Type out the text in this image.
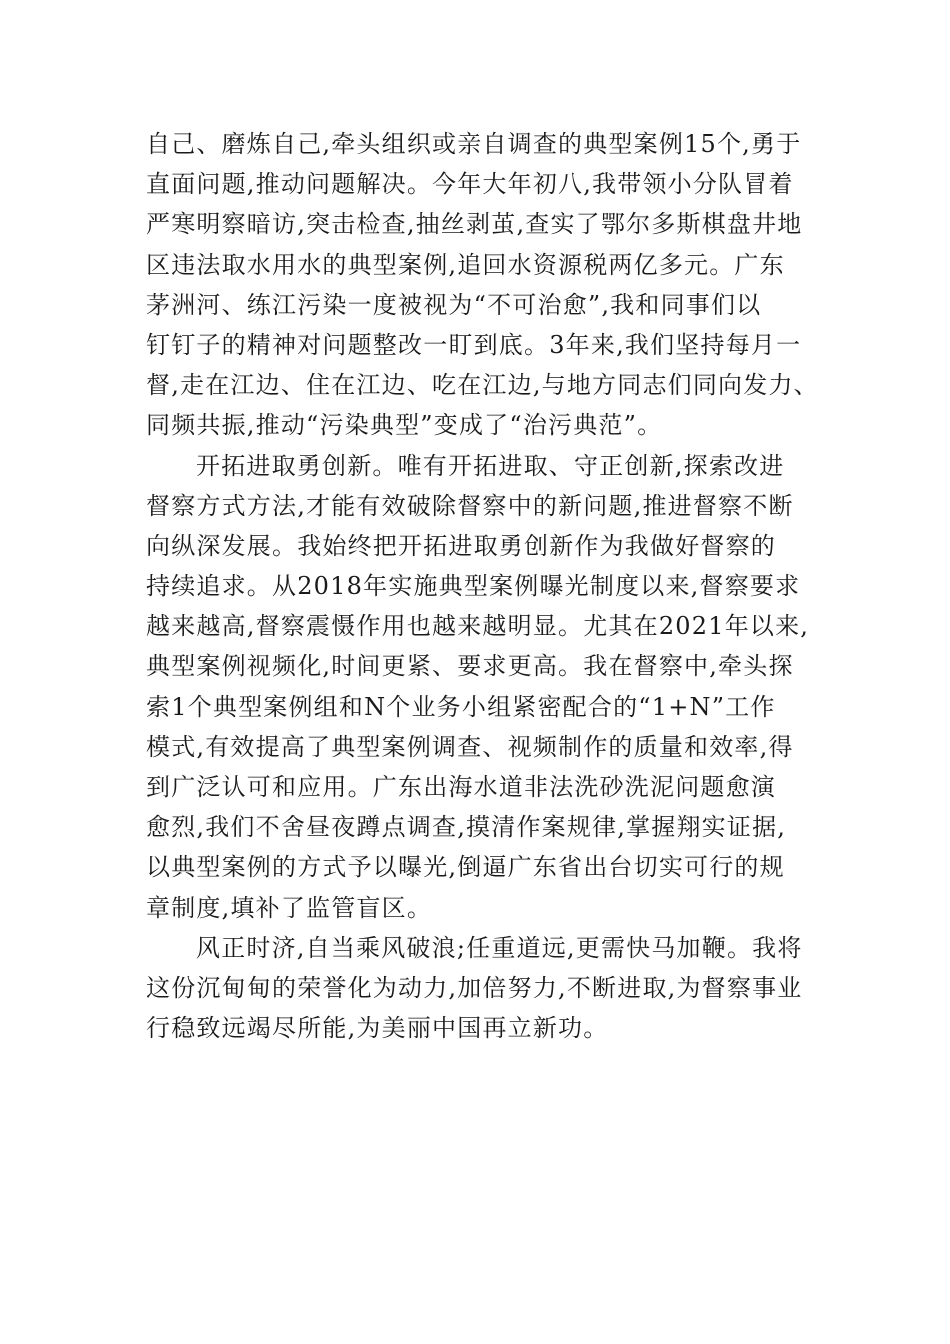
自己、磨炼自己,牵头组织或亲自调查的典型案例15个,勇于
直面问题,推动问题解决。今年大年初八,我带领小分队冒着
严寒明察暗访,突击检查,抽丝剥茧,查实了鄂尔多斯棋盘井地
区违法取水用水的典型案例,追回水资源税两亿多元。广东
茅洲河、练江污染一度被视为“不可治愈”,我和同事们以
钉钉子的精神对问题整改一盯到底。3年来,我们坚持每月一
督,走在江边、住在江边、吃在江边,与地方同志们同向发力、
同频共振,推动“污染典型”变成了“治污典范”。
开拓进取勇创新。唯有开拓进取、守正创新,探索改进
督察方式方法,才能有效破除督察中的新问题,推进督察不断
向纵深发展。我始终把开拓进取勇创新作为我做好督察的
持续追求。从2018年实施典型案例曝光制度以来,督察要求
越来越高,督察震慑作用也越来越明显。尤其在2021年以来,
典型案例视频化,时间更紧、要求更高。我在督察中,牵头探
索1个典型案例组和N个业务小组紧密配合的“1+N”工作
模式,有效提高了典型案例调查、视频制作的质量和效率,得
到广泛认可和应用。广东出海水道非法洗砂洗泥问题愈演
愈烈,我们不舍昼夜蹲点调查,摸清作案规律,掌握翔实证据,
以典型案例的方式予以曝光,倒逼广东省出台切实可行的规
章制度,填补了监管盲区。
风正时济,自当乘风破浪;任重道远,更需快马加鞭。我将
这份沉甸甸的荣誉化为动力,加倍努力,不断进取,为督察事业
行稳致远竭尽所能,为美丽中国再立新功。
